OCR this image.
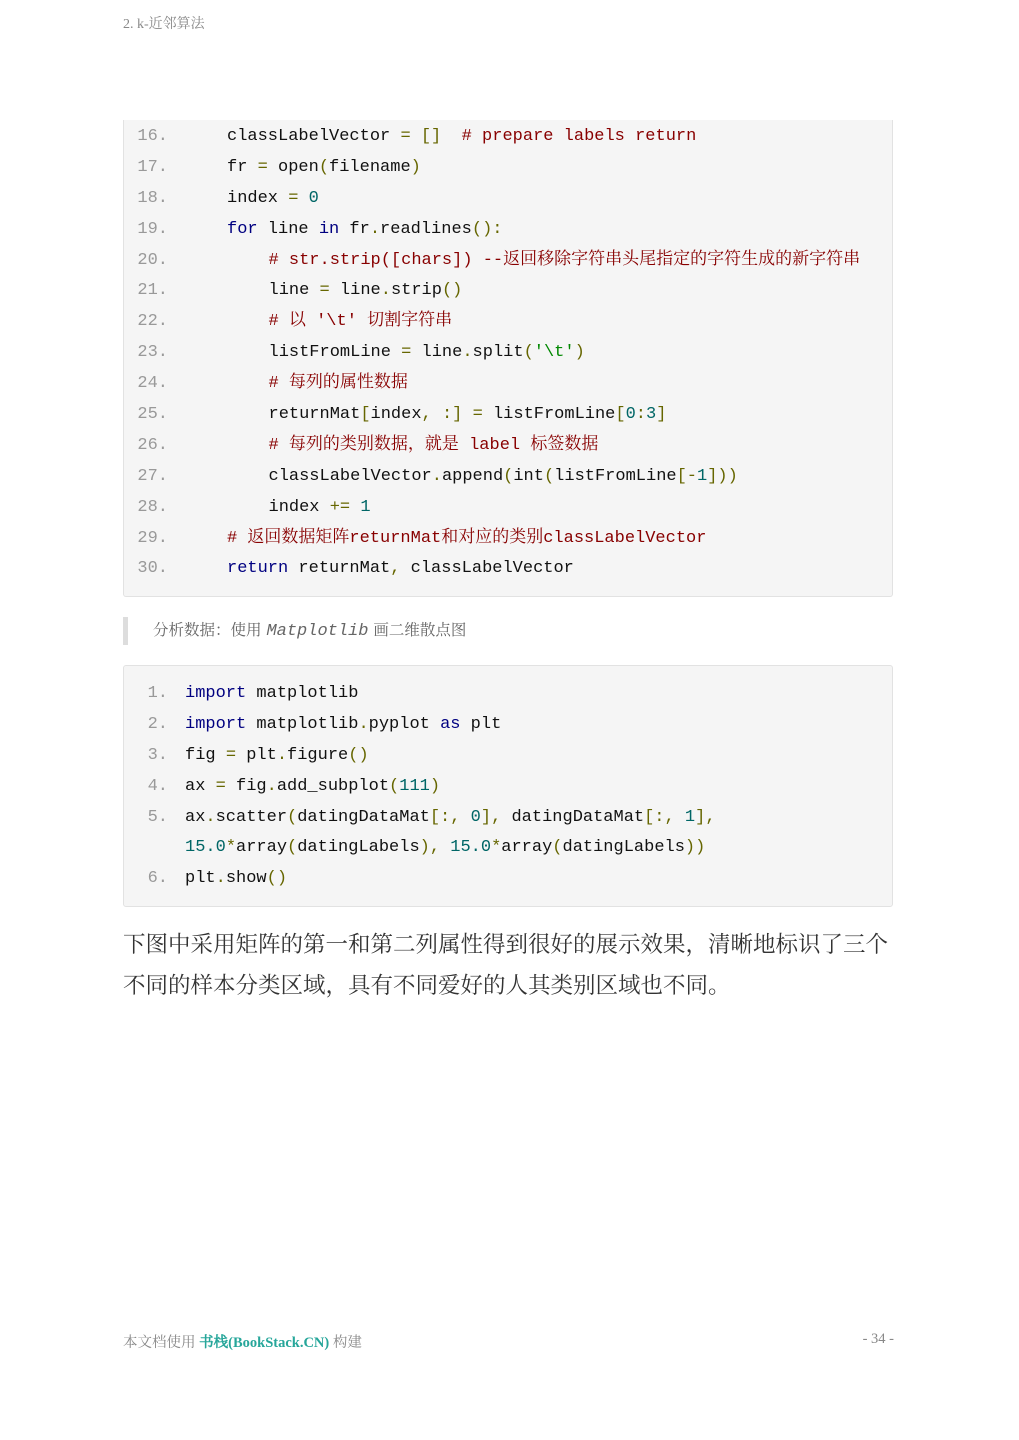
2. k-近邻算法
16.	classLabelVector = [] # prepare labels return
17.	fr = open(filename)
18.	index = 0
19.	for line in fr.readlines():
20.	# str.strip([chars]) --返回移除字符串头尾指定的字符生成的新字符串
21.	line = line.strip()
22.	# 以 '\t' 切割字符串
23.	listFromLine = line.split('\t')
24.	# 每列的属性数据
25.	returnMat[index, :] = listFromLine[0:3]
26.	# 每列的类别数据，就是 label 标签数据
27.	classLabelVector.append(int(listFromLine[-1]))
28.	index += 1
29.	# 返回数据矩阵returnMat和对应的类别classLabelVector
30.	return returnMat, classLabelVector
分析数据：使用 Matplotlib 画二维散点图
1. import matplotlib
2. import matplotlib.pyplot as plt
3. fig = plt.figure()
4. ax = fig.add_subplot(111)
5. ax.scatter(datingDataMat[:, 0], datingDataMat[:, 1],
15.0*array(datingLabels), 15.0*array(datingLabels))
6. plt.show()
下图中采用矩阵的第一和第二列属性得到很好的展示效果，清晰地标识了三个不同的样本分类区域，具有不同爱好的人其类别区域也不同。
本文档使用 书栈(BookStack.CN) 构建	- 34 -
